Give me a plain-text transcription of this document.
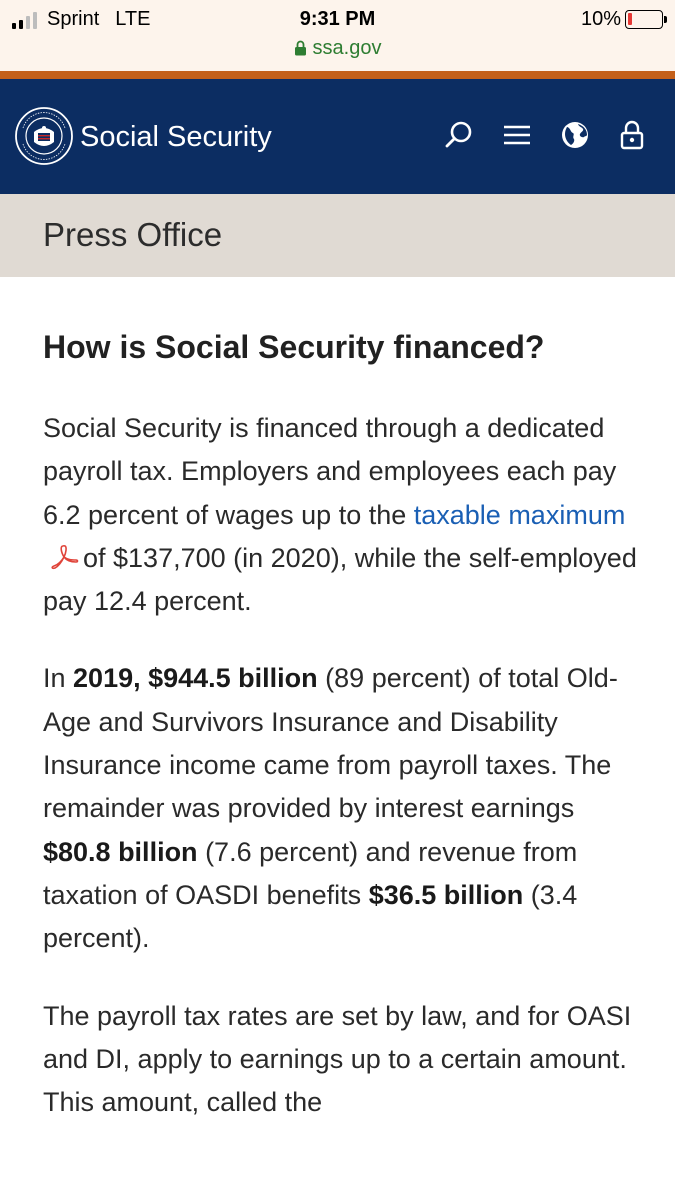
Sprint LTE	9:31 PM
ssa.gov
10%
Social Security
Press Office
How is Social Security financed?

Social Security is financed through a dedicated payroll tax. Employers and employees each pay 6.2 percent of wages up to the taxable maximumof $137,700 (in 2020), while the self-employed pay 12.4 percent.

In 2019, $944.5 billion (89 percent) of total Old-Age and Survivors Insurance and Disability Insurance income came from payroll taxes. The remainder was provided by interest earnings $80.8 billion (7.6 percent) and revenue from taxation of OASDI benefits $36.5 billion (3.4 percent).

The payroll tax rates are set by law, and for OASI and DI, apply to earnings up to a certain amount. This amount, called the
